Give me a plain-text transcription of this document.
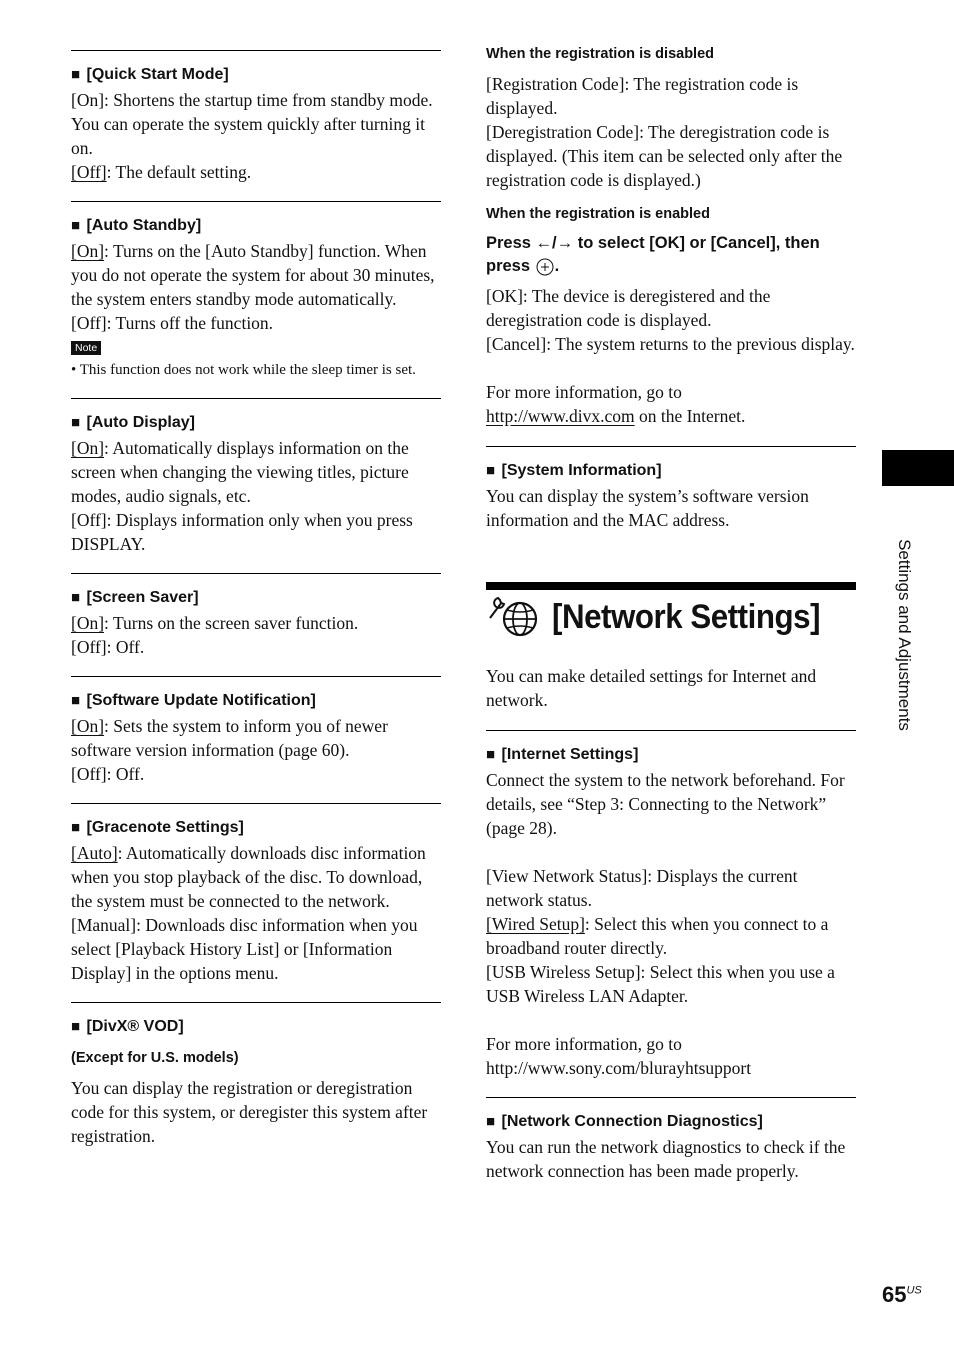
■ [Quick Start Mode]

[On]: Shortens the startup time from standby mode. You can operate the system quickly after turning it on.

[Off]: The default setting.

■ [Auto Standby]

[On]: Turns on the [Auto Standby] function. When you do not operate the system for about 30 minutes, the system enters standby mode automatically.

[Off]: Turns off the function.

Note

• This function does not work while the sleep timer is set.

■ [Auto Display]

[On]: Automatically displays information on the screen when changing the viewing titles, picture modes, audio signals, etc.

[Off]: Displays information only when you press DISPLAY.

■ [Screen Saver]

[On]: Turns on the screen saver function.

[Off]: Off.

■ [Software Update Notification]

[On]: Sets the system to inform you of newer software version information (page 60).

[Off]: Off.

■ [Gracenote Settings]

[Auto]: Automatically downloads disc information when you stop playback of the disc. To download, the system must be connected to the network.

[Manual]: Downloads disc information when you select [Playback History List] or [Information Display] in the options menu.

■ [DivX® VOD]
(Except for U.S. models)

You can display the registration or deregistration code for this system, or deregister this system after registration.

When the registration is disabled

[Registration Code]: The registration code is displayed.

[Deregistration Code]: The deregistration code is displayed. (This item can be selected only after the registration code is displayed.)

When the registration is enabled
Press ←/→ to select [OK] or [Cancel], then press .

[OK]: The device is deregistered and the deregistration code is displayed.

[Cancel]: The system returns to the previous display.

For more information, go to
http://www.divx.com on the Internet.

■ [System Information]

You can display the system’s software version information and the MAC address.

[Network Settings]

You can make detailed settings for Internet and network.

■ [Internet Settings]

Connect the system to the network beforehand. For details, see “Step 3: Connecting to the Network” (page 28).

[View Network Status]: Displays the current network status.

[Wired Setup]: Select this when you connect to a broadband router directly.

[USB Wireless Setup]: Select this when you use a USB Wireless LAN Adapter.

For more information, go to

http://www.sony.com/blurayhtsupport

■ [Network Connection Diagnostics]

You can run the network diagnostics to check if the network connection has been made properly.

Settings and Adjustments
$65^{US}$
